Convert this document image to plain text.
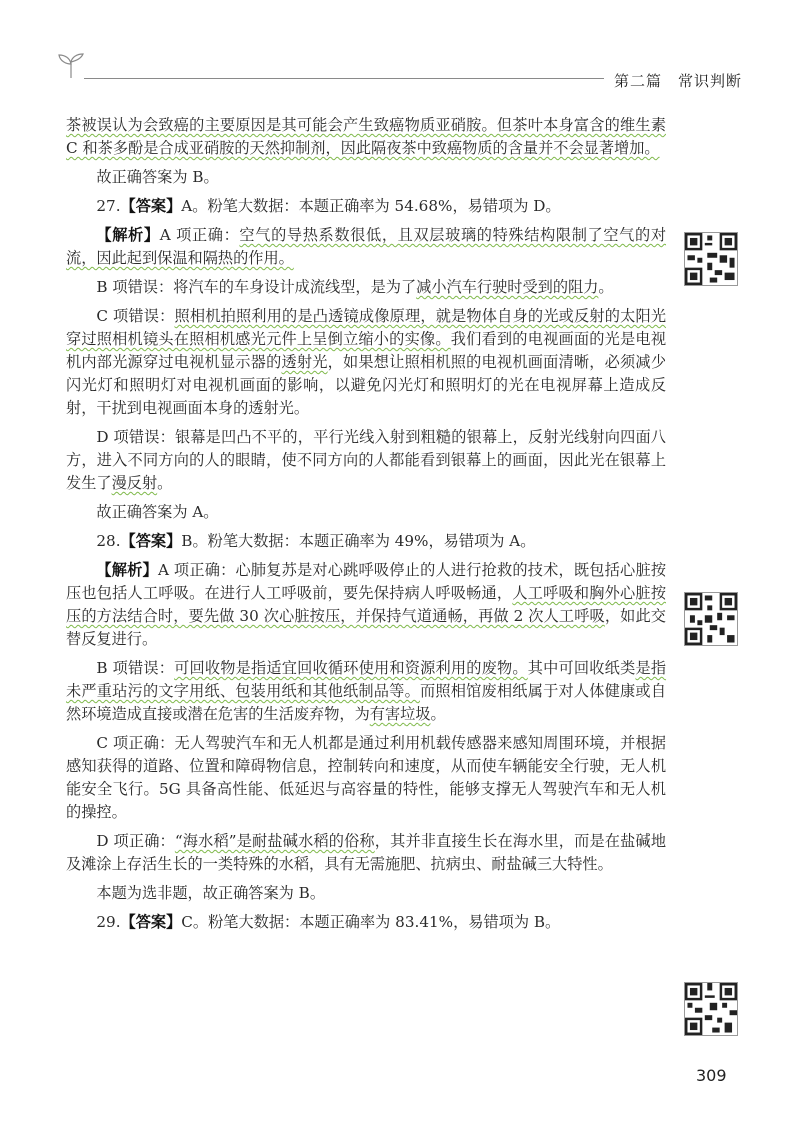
第二篇　常识判断

茶被误认为会致癌的主要原因是其可能会产生致癌物质亚硝胺。但茶叶本身富含的维生素 C 和茶多酚是合成亚硝胺的天然抑制剂，因此隔夜茶中致癌物质的含量并不会显著增加。

故正确答案为 B。

27.【答案】A。粉笔大数据：本题正确率为 54.68%，易错项为 D。

【解析】A 项正确：空气的导热系数很低，且双层玻璃的特殊结构限制了空气的对流，因此起到保温和隔热的作用。

B 项错误：将汽车的车身设计成流线型，是为了减小汽车行驶时受到的阻力。

C 项错误：照相机拍照利用的是凸透镜成像原理，就是物体自身的光或反射的太阳光穿过照相机镜头在照相机感光元件上呈倒立缩小的实像。我们看到的电视画面的光是电视机内部光源穿过电视机显示器的透射光，如果想让照相机照的电视机画面清晰，必须减少闪光灯和照明灯对电视机画面的影响，以避免闪光灯和照明灯的光在电视屏幕上造成反射，干扰到电视画面本身的透射光。

D 项错误：银幕是凹凸不平的，平行光线入射到粗糙的银幕上，反射光线射向四面八方，进入不同方向的人的眼睛，使不同方向的人都能看到银幕上的画面，因此光在银幕上发生了漫反射。

故正确答案为 A。

28.【答案】B。粉笔大数据：本题正确率为 49%，易错项为 A。

【解析】A 项正确：心肺复苏是对心跳呼吸停止的人进行抢救的技术，既包括心脏按压也包括人工呼吸。在进行人工呼吸前，要先保持病人呼吸畅通，人工呼吸和胸外心脏按压的方法结合时，要先做 30 次心脏按压，并保持气道通畅，再做 2 次人工呼吸，如此交替反复进行。

B 项错误：可回收物是指适宜回收循环使用和资源利用的废物。其中可回收纸类是指未严重玷污的文字用纸、包装用纸和其他纸制品等。而照相馆废相纸属于对人体健康或自然环境造成直接或潜在危害的生活废弃物，为有害垃圾。

C 项正确：无人驾驶汽车和无人机都是通过利用机载传感器来感知周围环境，并根据感知获得的道路、位置和障碍物信息，控制转向和速度，从而使车辆能安全行驶，无人机能安全飞行。5G 具备高性能、低延迟与高容量的特性，能够支撑无人驾驶汽车和无人机的操控。

D 项正确：“海水稻”是耐盐碱水稻的俗称，其并非直接生长在海水里，而是在盐碱地及滩涂上存活生长的一类特殊的水稻，具有无需施肥、抗病虫、耐盐碱三大特性。

本题为选非题，故正确答案为 B。

29.【答案】C。粉笔大数据：本题正确率为 83.41%，易错项为 B。

309
